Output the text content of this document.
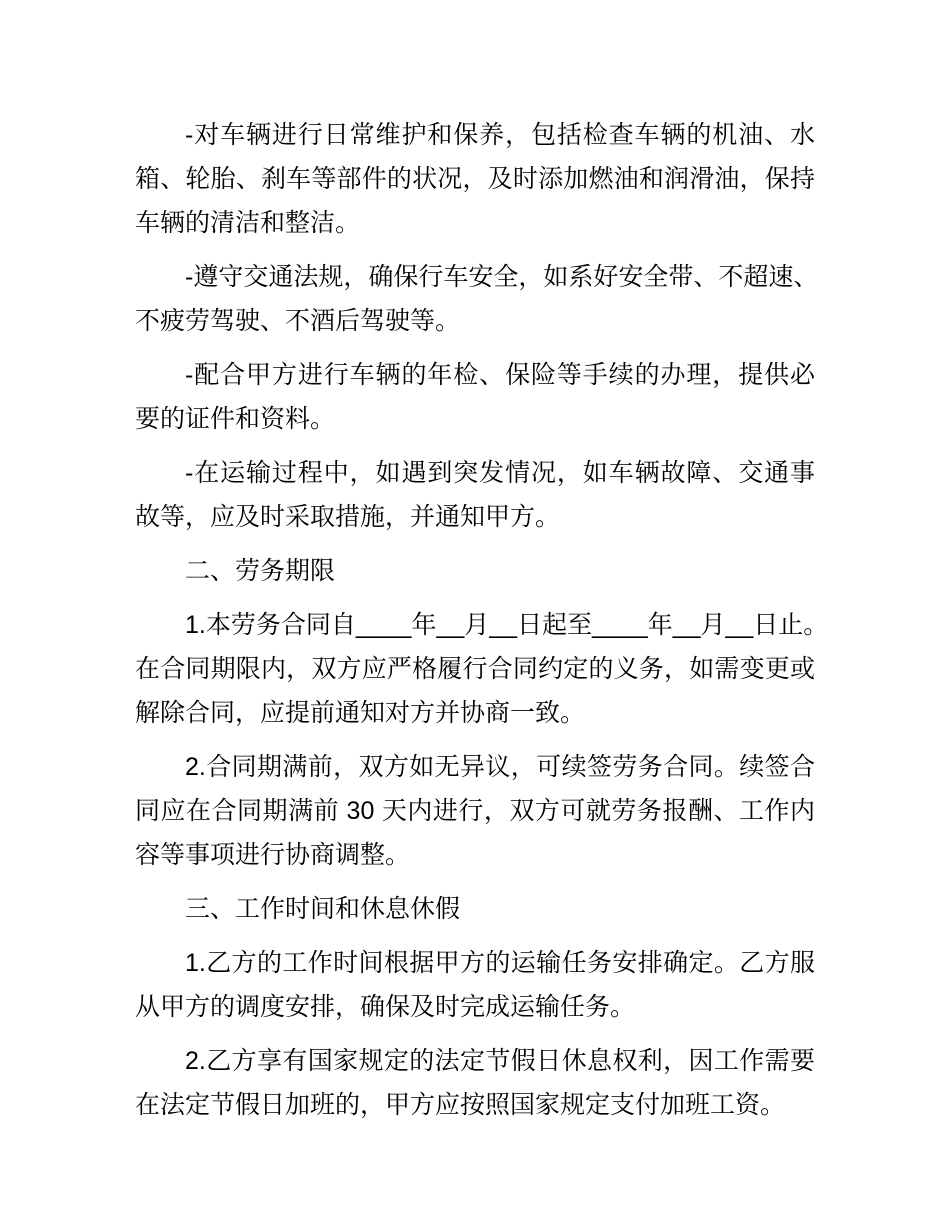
-对车辆进行日常维护和保养，包括检查车辆的机油、水
箱、轮胎、刹车等部件的状况，及时添加燃油和润滑油，保持
车辆的清洁和整洁。
-遵守交通法规，确保行车安全，如系好安全带、不超速、
不疲劳驾驶、不酒后驾驶等。
-配合甲方进行车辆的年检、保险等手续的办理，提供必
要的证件和资料。
-在运输过程中，如遇到突发情况，如车辆故障、交通事
故等，应及时采取措施，并通知甲方。
二、劳务期限
1.本劳务合同自____年__月__日起至____年__月__日止。
在合同期限内，双方应严格履行合同约定的义务，如需变更或
解除合同，应提前通知对方并协商一致。
2.合同期满前，双方如无异议，可续签劳务合同。续签合
同应在合同期满前 30 天内进行，双方可就劳务报酬、工作内
容等事项进行协商调整。
三、工作时间和休息休假
1.乙方的工作时间根据甲方的运输任务安排确定。乙方服
从甲方的调度安排，确保及时完成运输任务。
2.乙方享有国家规定的法定节假日休息权利，因工作需要
在法定节假日加班的，甲方应按照国家规定支付加班工资。
